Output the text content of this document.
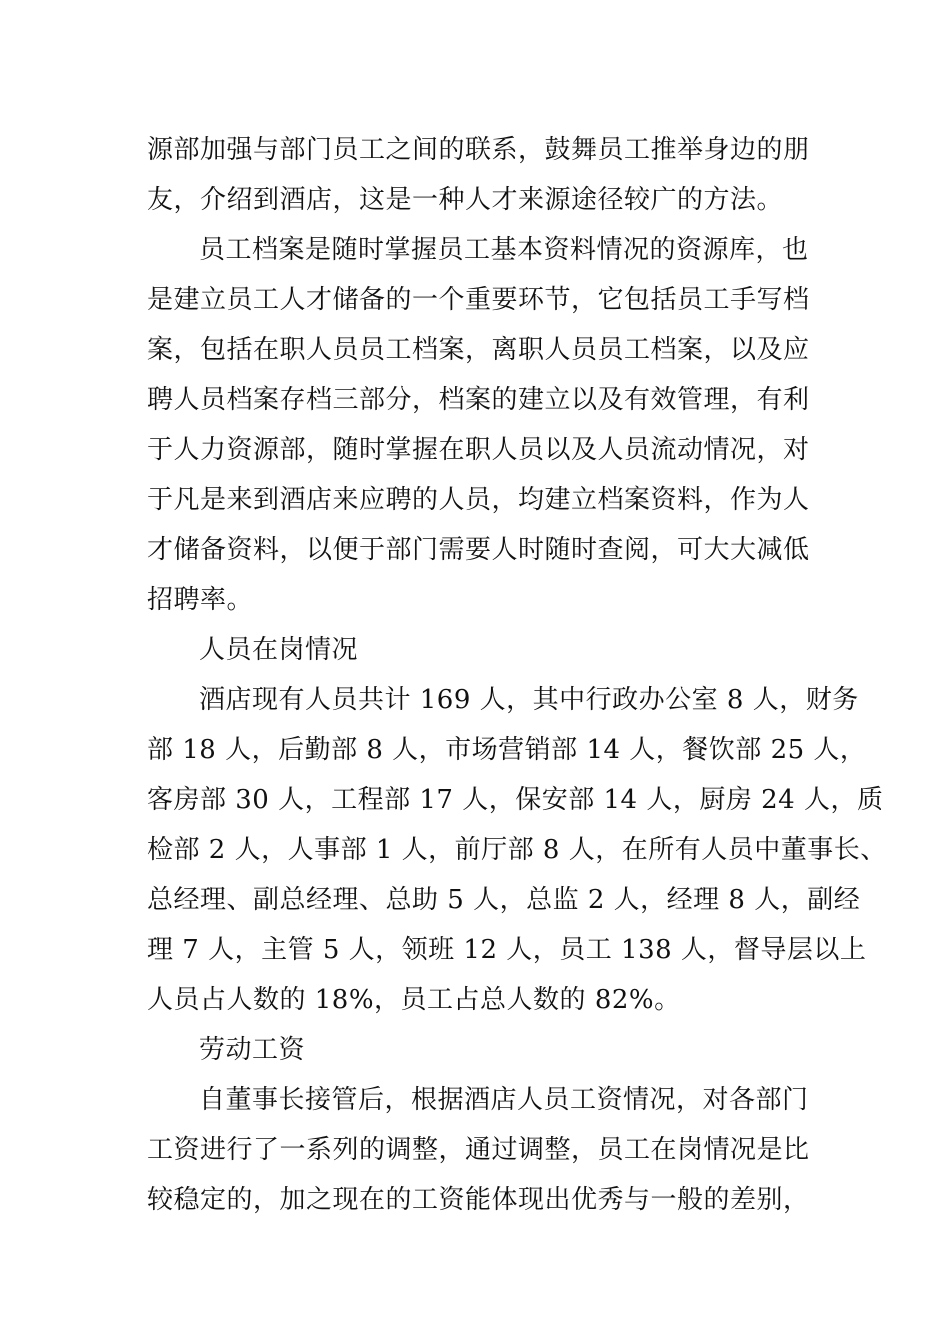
源部加强与部门员工之间的联系，鼓舞员工推举身边的朋
友，介绍到酒店，这是一种人才来源途径较广的方法。
员工档案是随时掌握员工基本资料情况的资源库，也
是建立员工人才储备的一个重要环节，它包括员工手写档
案，包括在职人员员工档案，离职人员员工档案，以及应
聘人员档案存档三部分，档案的建立以及有效管理，有利
于人力资源部，随时掌握在职人员以及人员流动情况，对
于凡是来到酒店来应聘的人员，均建立档案资料，作为人
才储备资料，以便于部门需要人时随时查阅，可大大减低
招聘率。
人员在岗情况
酒店现有人员共计 169 人，其中行政办公室 8 人，财务
部 18 人，后勤部 8 人，市场营销部 14 人，餐饮部 25 人，
客房部 30 人，工程部 17 人，保安部 14 人，厨房 24 人，质
检部 2 人，人事部 1 人，前厅部 8 人，在所有人员中董事长、
总经理、副总经理、总助 5 人，总监 2 人，经理 8 人，副经
理 7 人，主管 5 人，领班 12 人，员工 138 人，督导层以上
人员占人数的 18%，员工占总人数的 82%。
劳动工资
自董事长接管后，根据酒店人员工资情况，对各部门
工资进行了一系列的调整，通过调整，员工在岗情况是比
较稳定的，加之现在的工资能体现出优秀与一般的差别，
